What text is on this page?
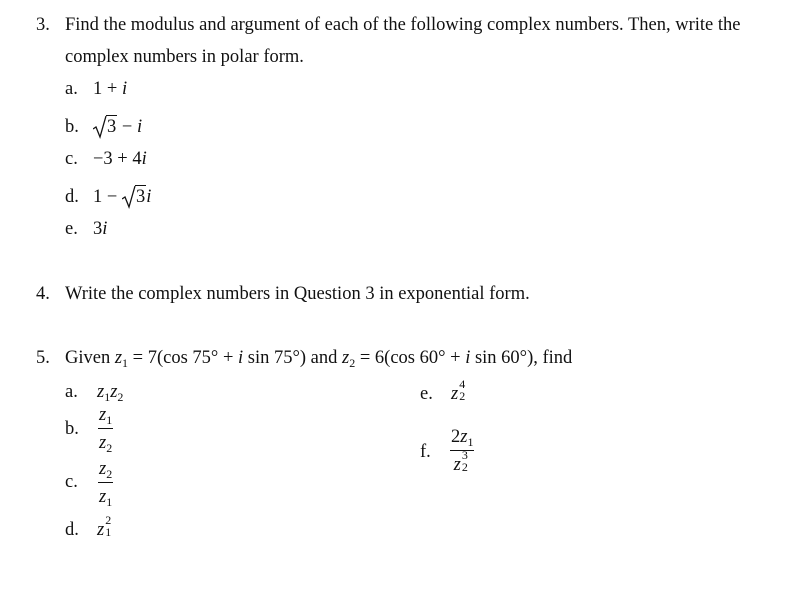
3. Find the modulus and argument of each of the following complex numbers. Then, write the
complex numbers in polar form.
a. 1 + i
b.	3 − i
c. −3 + 4i
d. 1 −
3i
e. 3i
4. Write the complex numbers in Question 3 in exponential form.
5. Given $z_1 = 7(\cos$ 75° + i sin 75°) and $z_2 = 6(\cos$ 60° + i sin 60°), find
a. $z_1z_2$
b.
$z_1$
$z_2$
c.
$z_2$
$z_1$
d. z 2
1
e. z 4
2
f.
$2z_1$
z 3
2
